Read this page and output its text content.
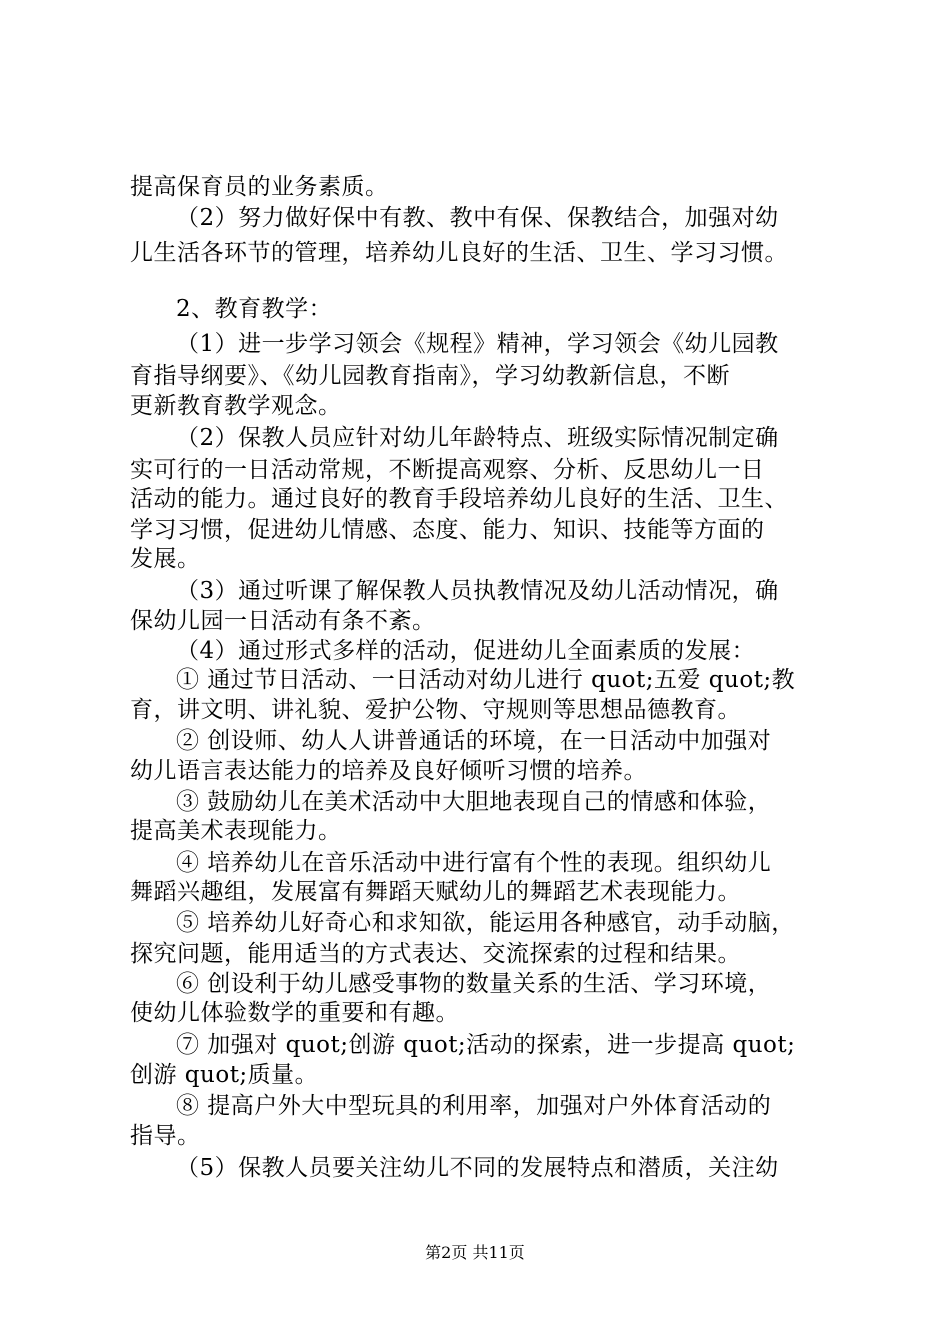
提高保育员的业务素质。
（2）努力做好保中有教、教中有保、保教结合，加强对幼
儿生活各环节的管理，培养幼儿良好的生活、卫生、学习习惯。
2、教育教学：
（1）进一步学习领会《规程》精神，学习领会《幼儿园教
育指导纲要》、《幼儿园教育指南》，学习幼教新信息，不断
更新教育教学观念。
（2）保教人员应针对幼儿年龄特点、班级实际情况制定确
实可行的一日活动常规，不断提高观察、分析、反思幼儿一日
活动的能力。通过良好的教育手段培养幼儿良好的生活、卫生、
学习习惯，促进幼儿情感、态度、能力、知识、技能等方面的
发展。
（3）通过听课了解保教人员执教情况及幼儿活动情况，确
保幼儿园一日活动有条不紊。
（4）通过形式多样的活动，促进幼儿全面素质的发展：
① 通过节日活动、一日活动对幼儿进行 quot;五爱 quot;教
育，讲文明、讲礼貌、爱护公物、守规则等思想品德教育。
② 创设师、幼人人讲普通话的环境，在一日活动中加强对
幼儿语言表达能力的培养及良好倾听习惯的培养。
③ 鼓励幼儿在美术活动中大胆地表现自己的情感和体验，
提高美术表现能力。
④ 培养幼儿在音乐活动中进行富有个性的表现。组织幼儿
舞蹈兴趣组，发展富有舞蹈天赋幼儿的舞蹈艺术表现能力。
⑤ 培养幼儿好奇心和求知欲，能运用各种感官，动手动脑，
探究问题，能用适当的方式表达、交流探索的过程和结果。
⑥ 创设利于幼儿感受事物的数量关系的生活、学习环境，
使幼儿体验数学的重要和有趣。
⑦ 加强对 quot;创游 quot;活动的探索，进一步提高 quot;
创游 quot;质量。
⑧ 提高户外大中型玩具的利用率，加强对户外体育活动的
指导。
（5）保教人员要关注幼儿不同的发展特点和潜质，关注幼
第2页 共11页
